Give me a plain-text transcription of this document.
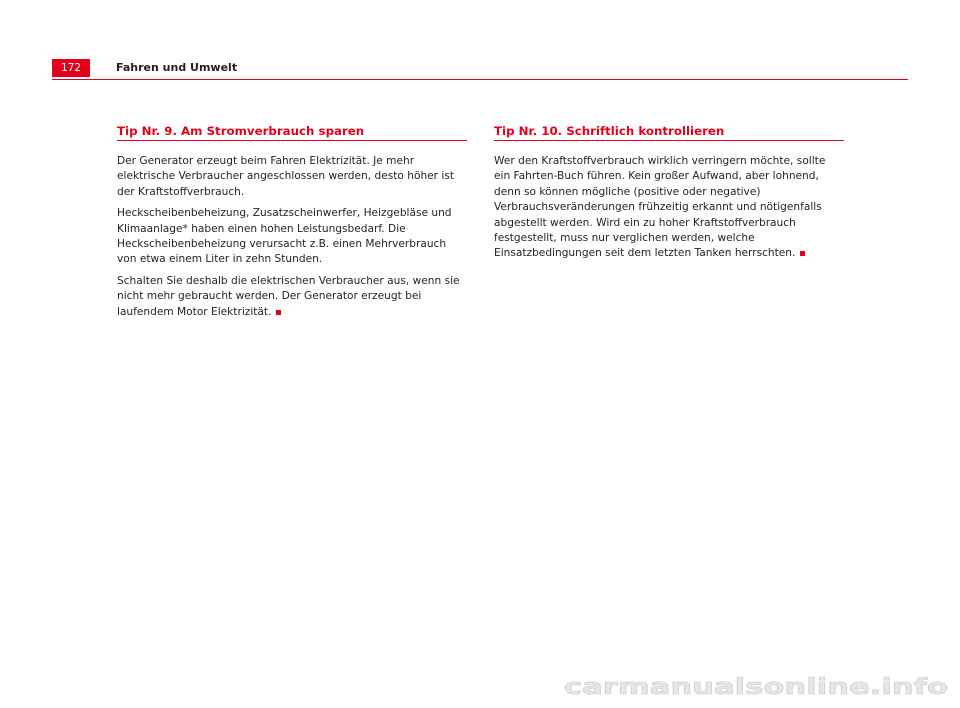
172	Fahren und Umwelt
Tip Nr. 9. Am Stromverbrauch sparen

Der Generator erzeugt beim Fahren Elektrizität. Je mehr elektrische Verbraucher angeschlossen werden, desto höher ist der Kraftstoffverbrauch.

Heckscheibenbeheizung, Zusatzscheinwerfer, Heizgebläse und Klimaanlage* haben einen hohen Leistungsbedarf. Die Heckscheibenbeheizung verursacht z.B. einen Mehrverbrauch von etwa einem Liter in zehn Stunden.

Schalten Sie deshalb die elektrischen Verbraucher aus, wenn sie nicht mehr gebraucht werden. Der Generator erzeugt bei laufendem Motor Elektrizität.

Tip Nr. 10. Schriftlich kontrollieren

Wer den Kraftstoffverbrauch wirklich verringern möchte, sollte ein Fahrten-Buch führen. Kein großer Aufwand, aber lohnend, denn so können mögliche (positive oder negative) Verbrauchsveränderungen frühzeitig erkannt und nötigenfalls abgestellt werden. Wird ein zu hoher Kraftstoffverbrauch festgestellt, muss nur verglichen werden, welche Einsatzbedingungen seit dem letzten Tanken herrschten.

carmanualsonline.info
